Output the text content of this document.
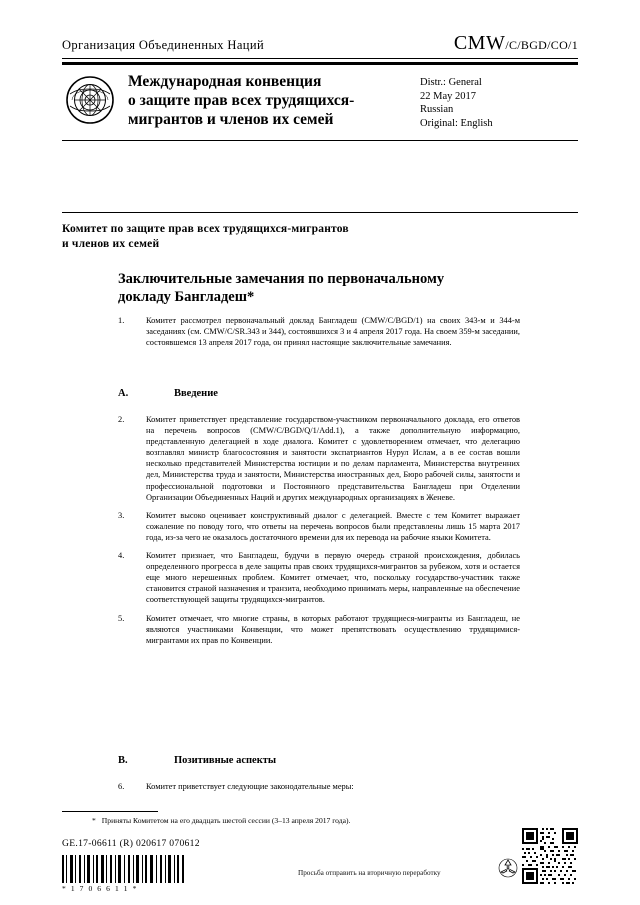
Организация Объединенных Наций	CMW/C/BGD/CO/1
Международная конвенция
о защите прав всех трудящихся-
мигрантов и членов их семей
Distr.: General
22 May 2017
Russian
Original: English
Комитет по защите прав всех трудящихся-мигрантов
и членов их семей
Заключительные замечания по первоначальному
докладу Бангладеш*
1.	Комитет рассмотрел первоначальный доклад Бангладеш (CMW/C/BGD/1) на своих 343-м и 344-м заседаниях (см. CMW/C/SR.343 и 344), состоявшихся 3 и 4 апреля 2017 года. На своем 359-м заседании, состоявшемся 13 апреля 2017 года, он принял настоящие заключительные замечания.
A.	Введение
2.	Комитет приветствует представление государством-участником первоначального доклада, его ответов на перечень вопросов (CMW/C/BGD/Q/1/Add.1), а также дополнительную информацию, представленную делегацией в ходе диалога. Комитет с удовлетворением отмечает, что делегацию возглавлял министр благосостояния и занятости экспатриантов Нурул Ислам, а в ее состав вошли несколько представителей Министерства юстиции и по делам парламента, Министерства внутренних дел, Министерства труда и занятости, Министерства иностранных дел, Бюро рабочей силы, занятости и профессиональной подготовки и Постоянного представительства Бангладеш при Отделении Организации Объединенных Наций и других международных организациях в Женеве.
3.	Комитет высоко оценивает конструктивный диалог с делегацией. Вместе с тем Комитет выражает сожаление по поводу того, что ответы на перечень вопросов были представлены лишь 15 марта 2017 года, из-за чего не оказалось достаточного времени для их перевода на рабочие языки Комитета.
4.	Комитет признает, что Бангладеш, будучи в первую очередь страной происхождения, добилась определенного прогресса в деле защиты прав своих трудящихся-мигрантов за рубежом, хотя и остается еще много нерешенных проблем. Комитет отмечает, что, поскольку государство-участник также становится страной назначения и транзита, необходимо принимать меры, направленные на обеспечение соответствующей защиты трудящихся-мигрантов.
5.	Комитет отмечает, что многие страны, в которых работают трудящиеся-мигранты из Бангладеш, не являются участниками Конвенции, что может препятствовать осуществлению трудящимися-мигрантами их прав по Конвенции.
B.	Позитивные аспекты
6.	Комитет приветствует следующие законодательные меры:
* Приняты Комитетом на его двадцать шестой сессии (3–13 апреля 2017 года).
GE.17-06611 (R) 020617 070612
* 1 7 0 6 6 1 1 *
Просьба отправить на вторичную переработку
